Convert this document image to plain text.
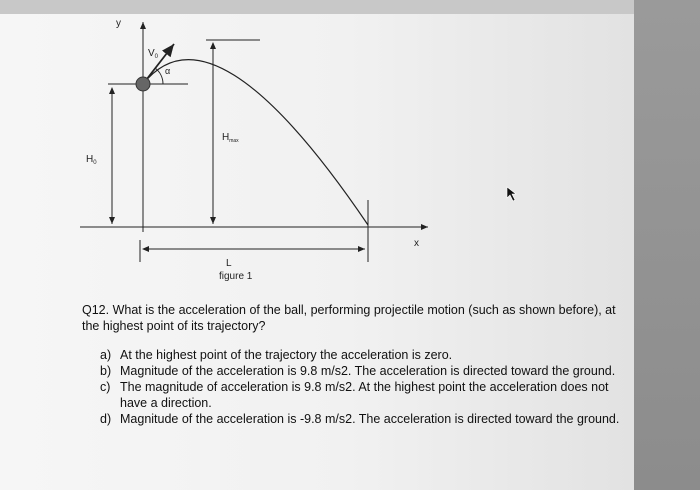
y
x
$V_0$
α
$H_{max}$
$H_0$
L
figure 1
Q12. What is the acceleration of the ball, performing projectile motion (such as shown before), at the highest point of its trajectory?
a) At the highest point of the trajectory the acceleration is zero.
b) Magnitude of the acceleration is 9.8 m/s2. The acceleration is directed toward the ground.
c) The magnitude of acceleration is 9.8 m/s2. At the highest point the acceleration does not have a direction.
d) Magnitude of the acceleration is -9.8 m/s2. The acceleration is directed toward the ground.
